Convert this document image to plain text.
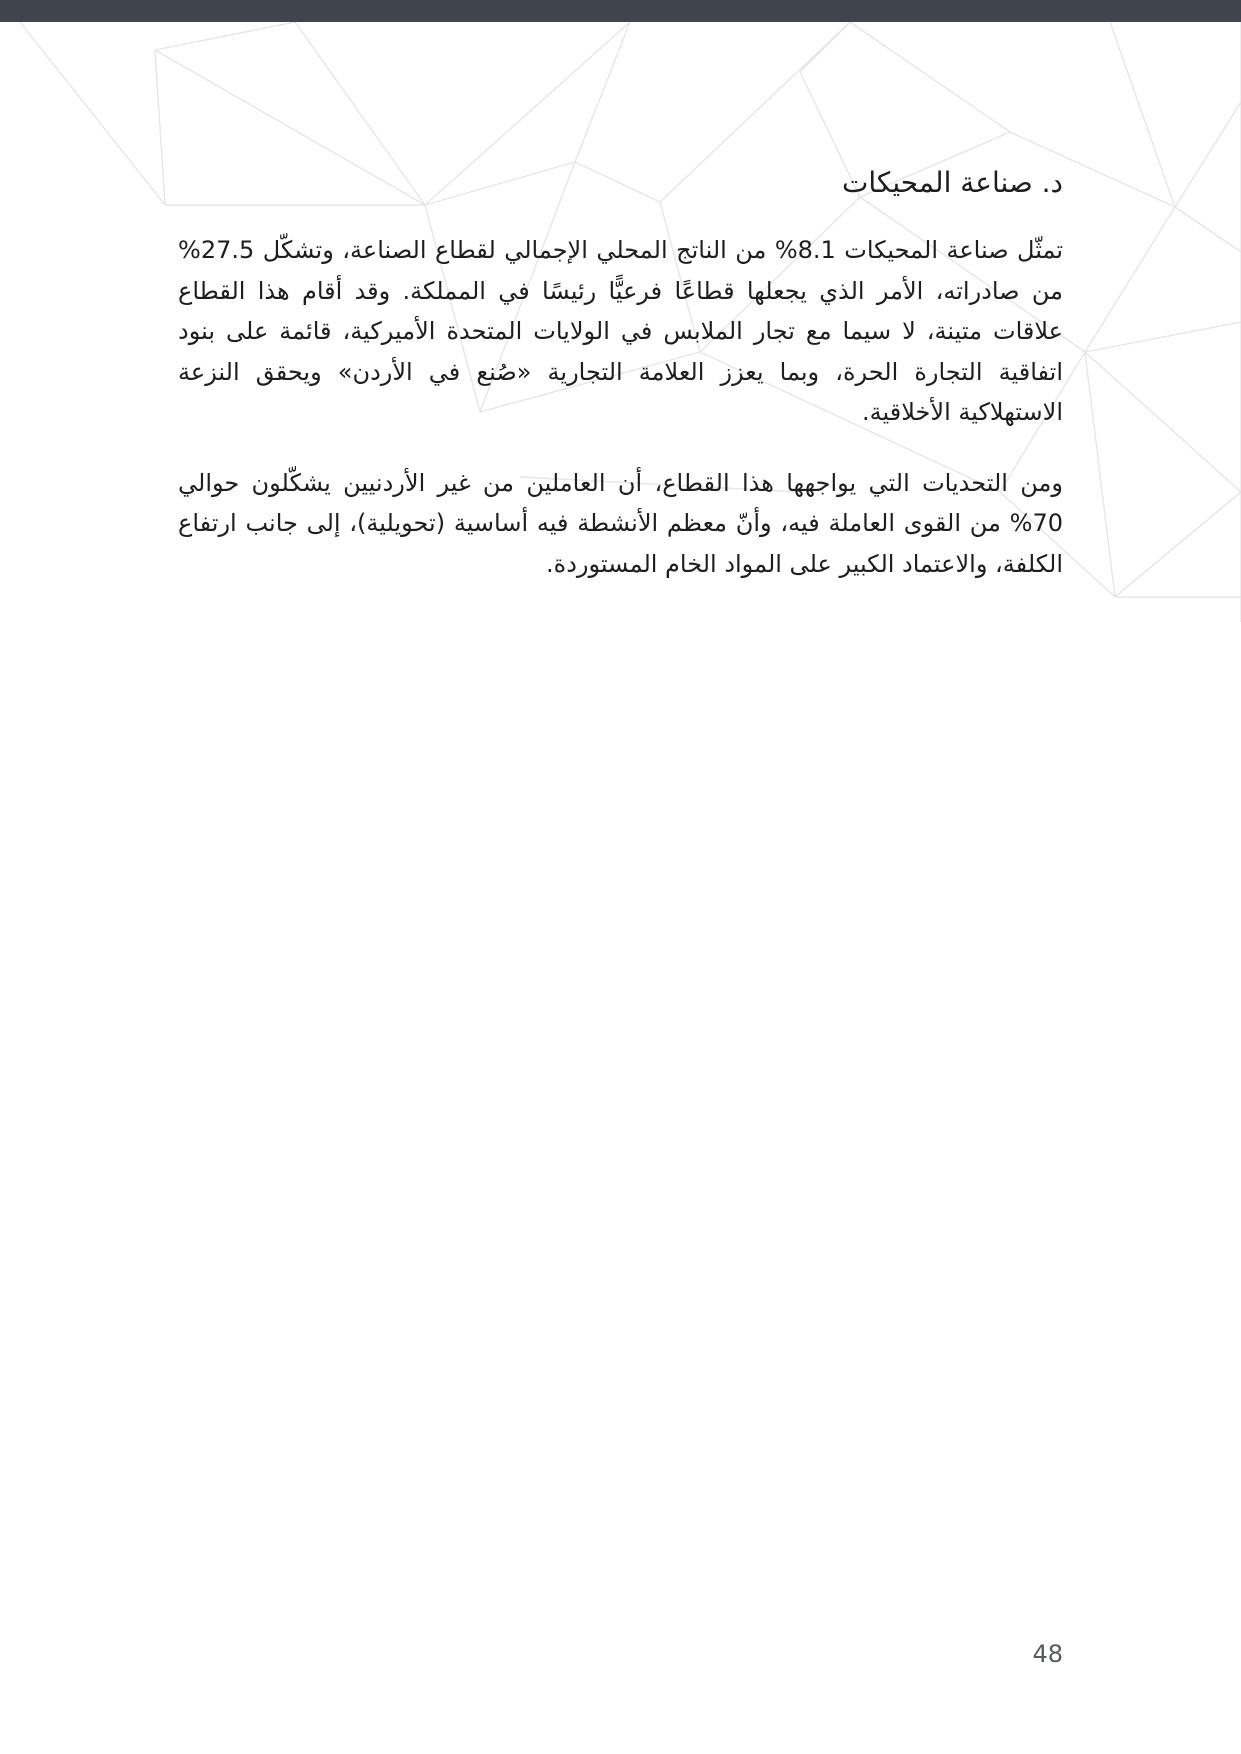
د. صناعة المحيكات

تمثّل صناعة المحيكات 8.1% من الناتج المحلي الإجمالي لقطاع الصناعة، وتشكّل 27.5% من صادراته، الأمر الذي يجعلها قطاعًا فرعيًّا رئيسًا في المملكة. وقد أقام هذا القطاع علاقات متينة، لا سيما مع تجار الملابس في الولايات المتحدة الأميركية، قائمة على بنود اتفاقية التجارة الحرة، وبما يعزز العلامة التجارية «صُنع في الأردن» ويحقق النزعة الاستهلاكية الأخلاقية.

ومن التحديات التي يواجهها هذا القطاع، أن العاملين من غير الأردنيين يشكّلون حوالي 70% من القوى العاملة فيه، وأنّ معظم الأنشطة فيه أساسية (تحويلية)، إلى جانب ارتفاع الكلفة، والاعتماد الكبير على المواد الخام المستوردة.

48
